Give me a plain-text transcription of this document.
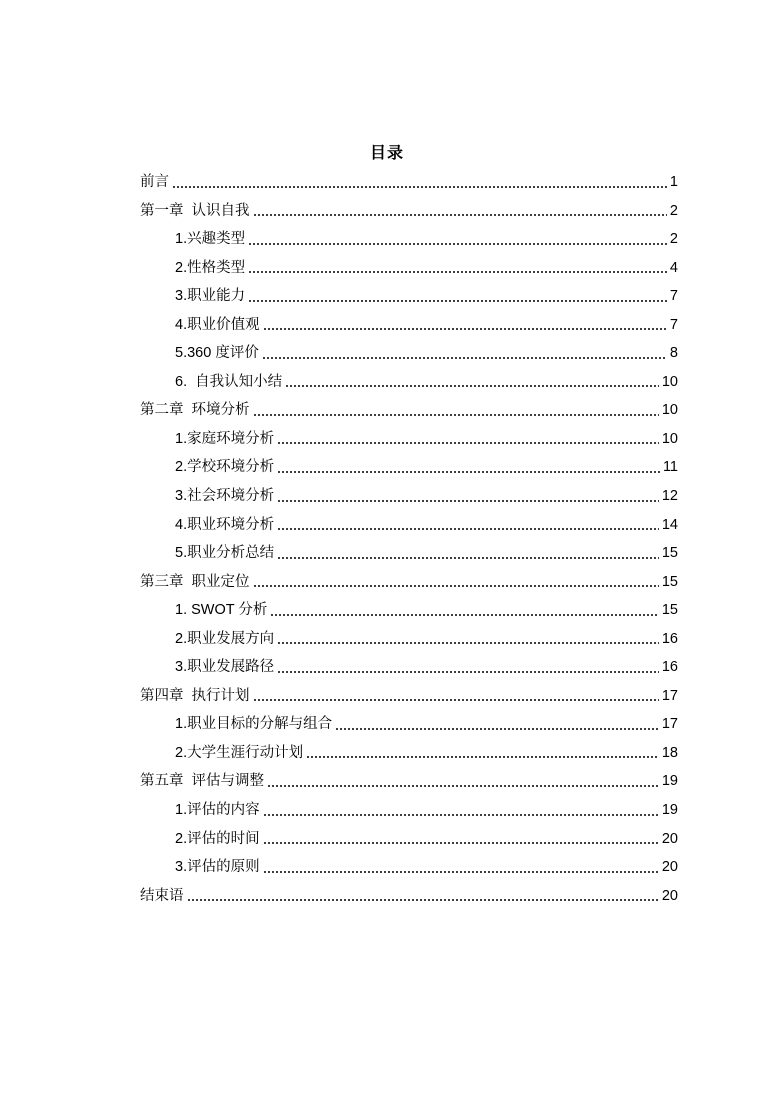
目录
前言	1
第一章  认识自我	2
1.兴趣类型	2
2.性格类型	4
3.职业能力	7
4.职业价值观	7
5.360 度评价	8
6.  自我认知小结	10
第二章  环境分析	10
1.家庭环境分析	10
2.学校环境分析	11
3.社会环境分析	12
4.职业环境分析	14
5.职业分析总结	15
第三章  职业定位	15
1. SWOT 分析	15
2.职业发展方向	16
3.职业发展路径	16
第四章  执行计划	17
1.职业目标的分解与组合	17
2.大学生涯行动计划	18
第五章  评估与调整	19
1.评估的内容	19
2.评估的时间	20
3.评估的原则	20
结束语	20
